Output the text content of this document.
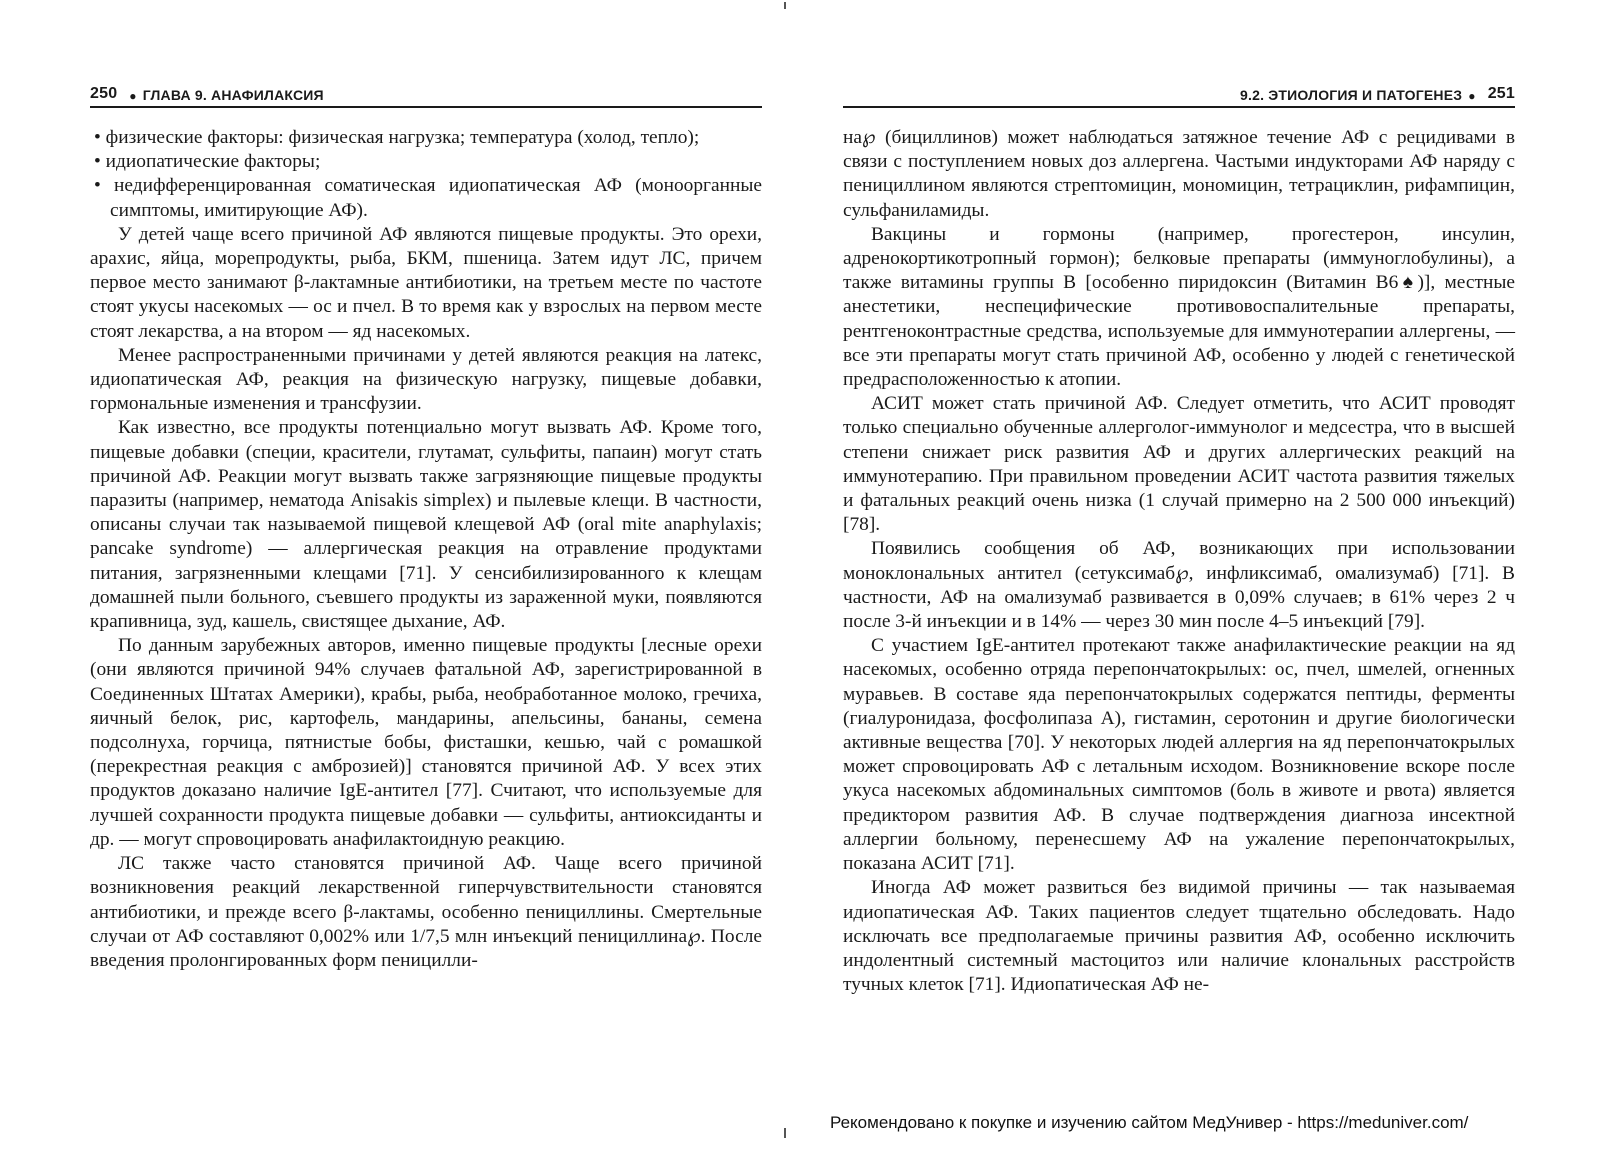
250 ● ГЛАВА 9. АНАФИЛАКСИЯ
• физические факторы: физическая нагрузка; температура (холод, тепло);
• идиопатические факторы;
• недифференцированная соматическая идиопатическая АФ (моноорганные симптомы, имитирующие АФ).

У детей чаще всего причиной АФ являются пищевые продукты. Это орехи, арахис, яйца, морепродукты, рыба, БКМ, пшеница. Затем идут ЛС, причем первое место занимают β-лактамные антибиотики, на третьем месте по частоте стоят укусы насекомых — ос и пчел. В то время как у взрослых на первом месте стоят лекарства, а на втором — яд насекомых.

Менее распространенными причинами у детей являются реакция на латекс, идиопатическая АФ, реакция на физическую нагрузку, пищевые добавки, гормональные изменения и трансфузии.

Как известно, все продукты потенциально могут вызвать АФ. Кроме того, пищевые добавки (специи, красители, глутамат, сульфиты, папаин) могут стать причиной АФ. Реакции могут вызвать также загрязняющие пищевые продукты паразиты (например, нематода Anisakis simplex) и пылевые клещи. В частности, описаны случаи так называемой пищевой клещевой АФ (oral mite anaphylaxis; pancake syndrome) — аллергическая реакция на отравление продуктами питания, загрязненными клещами [71]. У сенсибилизированного к клещам домашней пыли больного, съевшего продукты из зараженной муки, появляются крапивница, зуд, кашель, свистящее дыхание, АФ.

По данным зарубежных авторов, именно пищевые продукты [лесные орехи (они являются причиной 94% случаев фатальной АФ, зарегистрированной в Соединенных Штатах Америки), крабы, рыба, необработанное молоко, гречиха, яичный белок, рис, картофель, мандарины, апельсины, бананы, семена подсолнуха, горчица, пятнистые бобы, фисташки, кешью, чай с ромашкой (перекрестная реакция с амброзией)] становятся причиной АФ. У всех этих продуктов доказано наличие IgE-антител [77]. Считают, что используемые для лучшей сохранности продукта пищевые добавки — сульфиты, антиоксиданты и др. — могут спровоцировать анафилактоидную реакцию.

ЛС также часто становятся причиной АФ. Чаще всего причиной возникновения реакций лекарственной гиперчувствительности становятся антибиотики, и прежде всего β-лактамы, особенно пенициллины. Смертельные случаи от АФ составляют 0,002% или 1/7,5 млн инъекций пенициллина℘. После введения пролонгированных форм пеницилли-

9.2. ЭТИОЛОГИЯ И ПАТОГЕНЕЗ ● 251

на℘ (бициллинов) может наблюдаться затяжное течение АФ с рецидивами в связи с поступлением новых доз аллергена. Частыми индукторами АФ наряду с пенициллином являются стрептомицин, мономицин, тетрациклин, рифампицин, сульфаниламиды.

Вакцины и гормоны (например, прогестерон, инсулин, адренокортикотропный гормон); белковые препараты (иммуноглобулины), а также витамины группы В [особенно пиридоксин (Витамин В6♠)], местные анестетики, неспецифические противовоспалительные препараты, рентгеноконтрастные средства, используемые для иммунотерапии аллергены, — все эти препараты могут стать причиной АФ, особенно у людей с генетической предрасположенностью к атопии.

АСИТ может стать причиной АФ. Следует отметить, что АСИТ проводят только специально обученные аллерголог-иммунолог и медсестра, что в высшей степени снижает риск развития АФ и других аллергических реакций на иммунотерапию. При правильном проведении АСИТ частота развития тяжелых и фатальных реакций очень низка (1 случай примерно на 2 500 000 инъекций) [78].

Появились сообщения об АФ, возникающих при использовании моноклональных антител (сетуксимаб℘, инфликсимаб, омализумаб) [71]. В частности, АФ на омализумаб развивается в 0,09% случаев; в 61% через 2 ч после 3-й инъекции и в 14% — через 30 мин после 4–5 инъекций [79].

С участием IgE-антител протекают также анафилактические реакции на яд насекомых, особенно отряда перепончатокрылых: ос, пчел, шмелей, огненных муравьев. В составе яда перепончатокрылых содержатся пептиды, ферменты (гиалуронидаза, фосфолипаза А), гистамин, серотонин и другие биологически активные вещества [70]. У некоторых людей аллергия на яд перепончатокрылых может спровоцировать АФ с летальным исходом. Возникновение вскоре после укуса насекомых абдоминальных симптомов (боль в животе и рвота) является предиктором развития АФ. В случае подтверждения диагноза инсектной аллергии больному, перенесшему АФ на ужаление перепончатокрылых, показана АСИТ [71].

Иногда АФ может развиться без видимой причины — так называемая идиопатическая АФ. Таких пациентов следует тщательно обследовать. Надо исключать все предполагаемые причины развития АФ, особенно исключить индолентный системный мастоцитоз или наличие клональных расстройств тучных клеток [71]. Идиопатическая АФ не-

Рекомендовано к покупке и изучению сайтом МедУнивер - https://meduniver.com/
